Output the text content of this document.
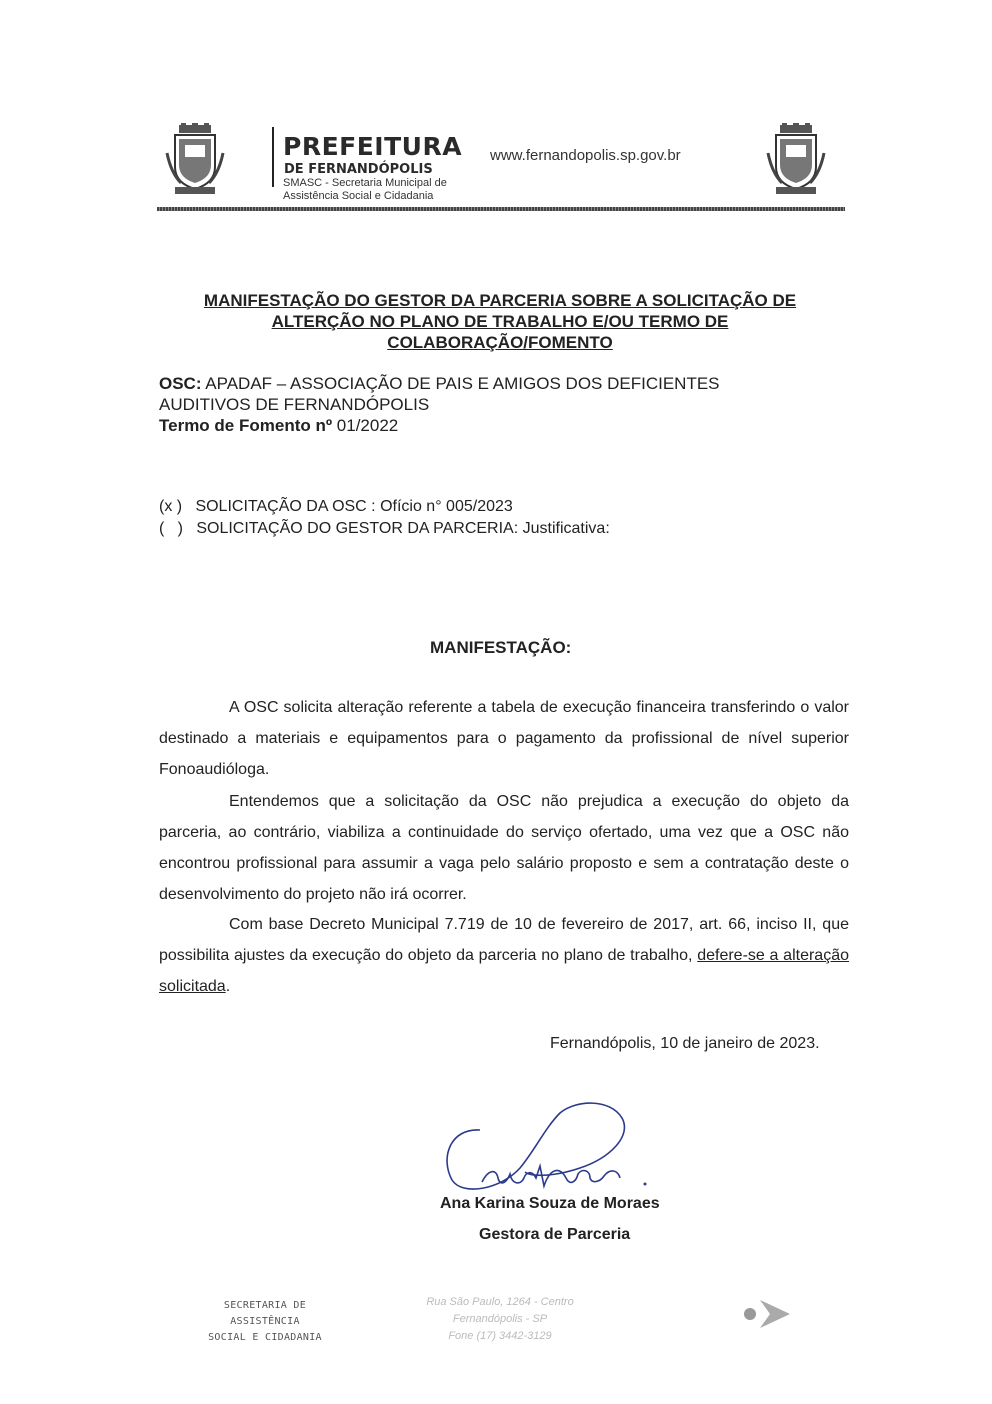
PREFEITURA
DE FERNANDÓPOLIS
SMASC - Secretaria Municipal de
Assistência Social e Cidadania
www.fernandopolis.sp.gov.br
MANIFESTAÇÃO DO GESTOR DA PARCERIA SOBRE A SOLICITAÇÃO DE
ALTERÇÃO NO PLANO DE TRABALHO E/OU TERMO DE
COLABORAÇÃO/FOMENTO
OSC: APADAF – ASSOCIAÇÃO DE PAIS E AMIGOS DOS DEFICIENTES
AUDITIVOS DE FERNANDÓPOLIS
Termo de Fomento nº 01/2022
(x )   SOLICITAÇÃO DA OSC : Ofício n° 005/2023
(   )   SOLICITAÇÃO DO GESTOR DA PARCERIA: Justificativa:
MANIFESTAÇÃO:

A OSC solicita alteração referente a tabela de execução financeira transferindo o valor destinado a materiais e equipamentos para o pagamento da profissional de nível superior Fonoaudióloga.

Entendemos que a solicitação da OSC não prejudica a execução do objeto da parceria, ao contrário, viabiliza a continuidade do serviço ofertado, uma vez que a OSC não encontrou profissional para assumir a vaga pelo salário proposto e sem a contratação deste o desenvolvimento do projeto não irá ocorrer.

Com base Decreto Municipal 7.719 de 10 de fevereiro de 2017, art. 66, inciso II, que possibilita ajustes da execução do objeto da parceria no plano de trabalho, defere-se a alteração solicitada.

Fernandópolis, 10 de janeiro de 2023.
Ana Karina Souza de Moraes
Gestora de Parceria
SECRETARIA DE ASSISTÊNCIA
SOCIAL E CIDADANIA
Rua São Paulo, 1264 - Centro
Fernandópolis - SP
Fone (17) 3442-3129
